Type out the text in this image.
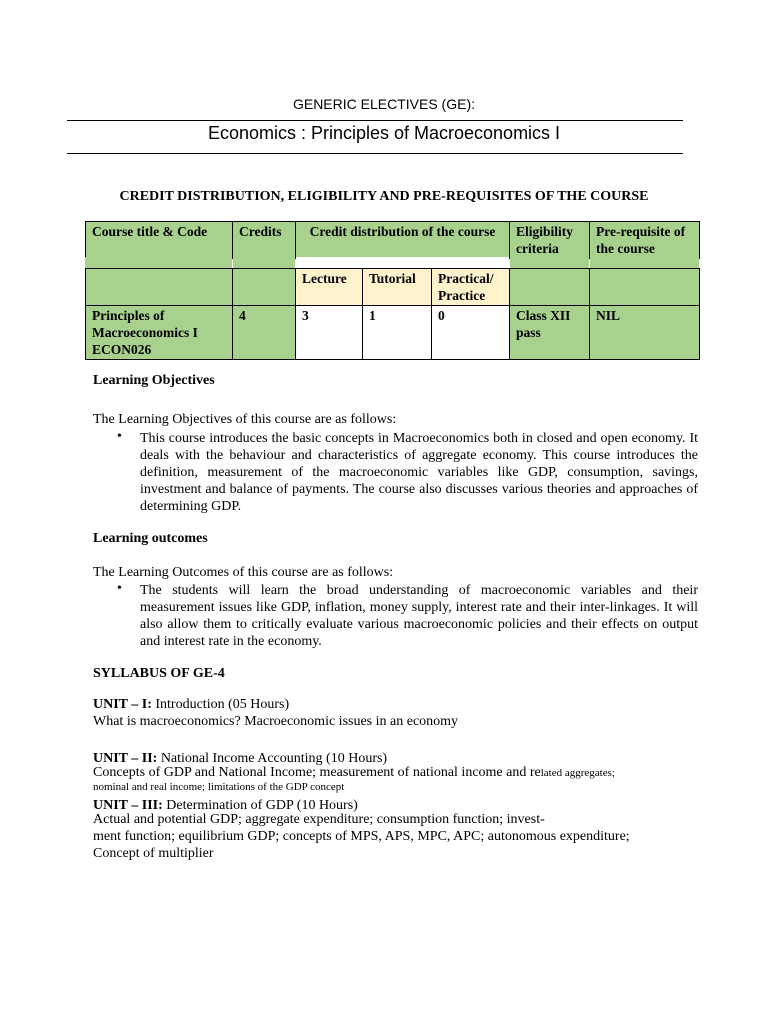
GENERIC ELECTIVES (GE):
Economics : Principles of Macroeconomics I
CREDIT DISTRIBUTION, ELIGIBILITY AND PRE-REQUISITES OF THE COURSE
Course title & Code	Credits	Credit distribution of the course	Eligibility criteria	Pre-requisite of the course
		Lecture	Tutorial	Practical/ Practice		

Principles of
Macroeconomics I
ECON026	4	3	1	0	Class XII pass	NIL
Learning Objectives
The Learning Objectives of this course are as follows:
• This course introduces the basic concepts in Macroeconomics both in closed and open economy. It deals with the behaviour and characteristics of aggregate economy. This course introduces the definition, measurement of the macroeconomic variables like GDP, consumption, savings, investment and balance of payments. The course also discusses various theories and approaches of determining GDP.
Learning outcomes
The Learning Outcomes of this course are as follows:
• The students will learn the broad understanding of macroeconomic variables and their measurement issues like GDP, inflation, money supply, interest rate and their inter-linkages. It will also allow them to critically evaluate various macroeconomic policies and their effects on output and interest rate in the economy.
SYLLABUS OF GE-4
UNIT – I: Introduction (05 Hours)
What is macroeconomics? Macroeconomic issues in an economy
UNIT – II: National Income Accounting (10 Hours)
Concepts of GDP and National Income; measurement of national income and related aggregates;
nominal and real income; limitations of the GDP concept
UNIT – III: Determination of GDP (10 Hours)
Actual and potential GDP; aggregate expenditure; consumption function; invest-
ment function; equilibrium GDP; concepts of MPS, APS, MPC, APC; autonomous expenditure;
Concept of multiplier
